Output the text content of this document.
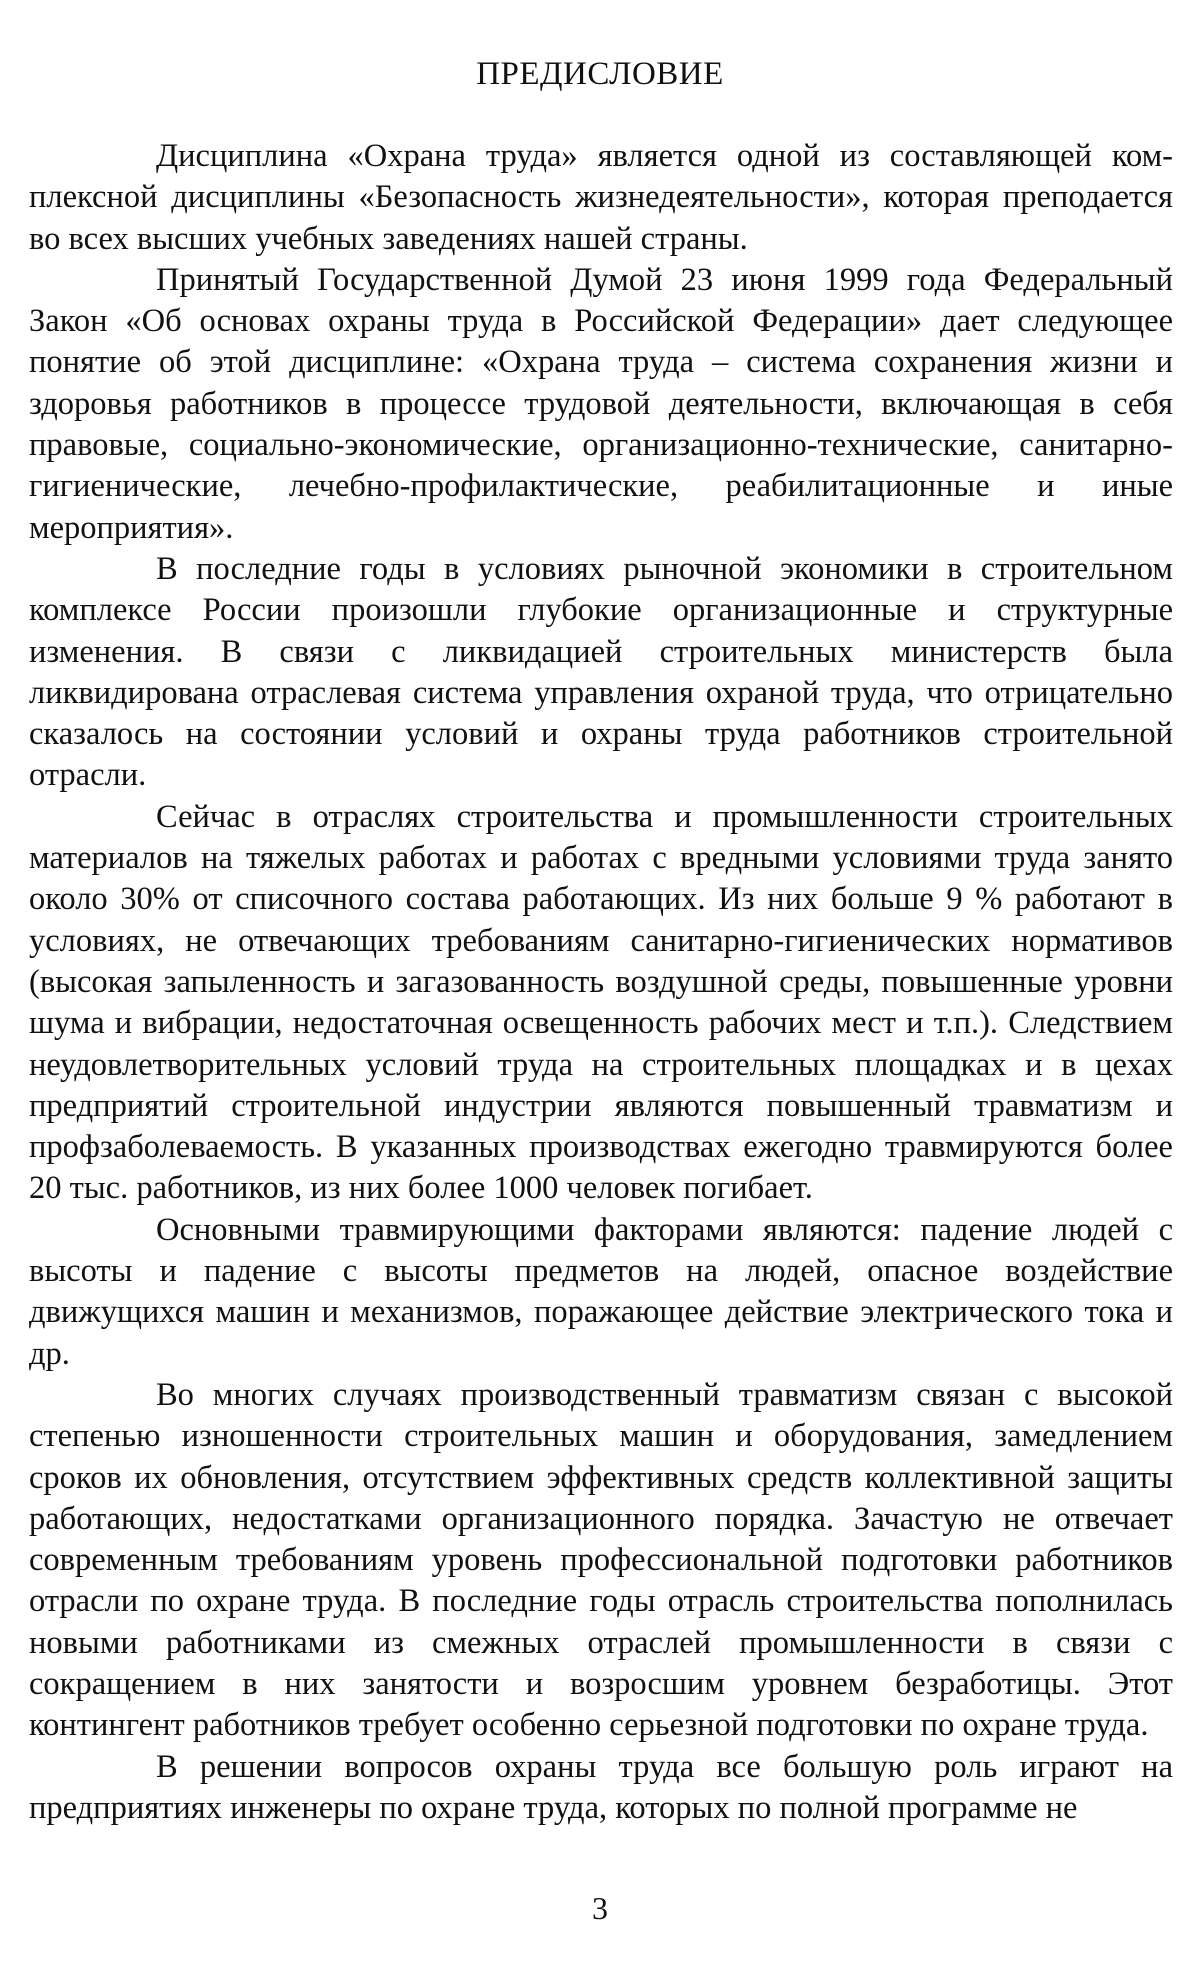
ПРЕДИСЛОВИЕ

Дисциплина «Охрана труда» является одной из составляющей комплексной дисциплины «Безопасность жизнедеятельности», которая преподается во всех высших учебных заведениях нашей страны.

Принятый Государственной Думой 23 июня 1999 года Федеральный Закон «Об основах охраны труда в Российской Федерации» дает следующее понятие об этой дисциплине: «Охрана труда – система сохранения жизни и здоровья работников в процессе трудовой деятельности, включающая в себя правовые, социально-экономические, организационно-технические, санитарно-гигиенические, лечебно-профилактические, реабилитационные и иные мероприятия».

В последние годы в условиях рыночной экономики в строительном комплексе России произошли глубокие организационные и структурные изменения. В связи с ликвидацией строительных министерств была ликвидирована отраслевая система управления охраной труда, что отрицательно сказалось на состоянии условий и охраны труда работников строительной отрасли.

Сейчас в отраслях строительства и промышленности строительных материалов на тяжелых работах и работах с вредными условиями труда занято около 30% от списочного состава работающих. Из них больше 9 % работают в условиях, не отвечающих требованиям санитарно-гигиенических нормативов (высокая запыленность и загазованность воздушной среды, повышенные уровни шума и вибрации, недостаточная освещенность рабочих мест и т.п.). Следствием неудовлетворительных условий труда на строительных площадках и в цехах предприятий строительной индустрии являются повышенный травматизм и профзаболеваемость. В указанных производствах ежегодно травмируются более 20 тыс. работников, из них более 1000 человек погибает.

Основными травмирующими факторами являются: падение людей с высоты и падение с высоты предметов на людей, опасное воздействие движущихся машин и механизмов, поражающее действие электрического тока и др.

Во многих случаях производственный травматизм связан с высокой степенью изношенности строительных машин и оборудования, замедлением сроков их обновления, отсутствием эффективных средств коллективной защиты работающих, недостатками организационного порядка. Зачастую не отвечает современным требованиям уровень профессиональной подготовки работников отрасли по охране труда. В последние годы отрасль строительства пополнилась новыми работниками из смежных отраслей промышленности в связи с сокращением в них занятости и возросшим уровнем безработицы. Этот контингент работников требует особенно серьезной подготовки по охране труда.

В решении вопросов охраны труда все большую роль играют на предприятиях инженеры по охране труда, которых по полной программе не

3
